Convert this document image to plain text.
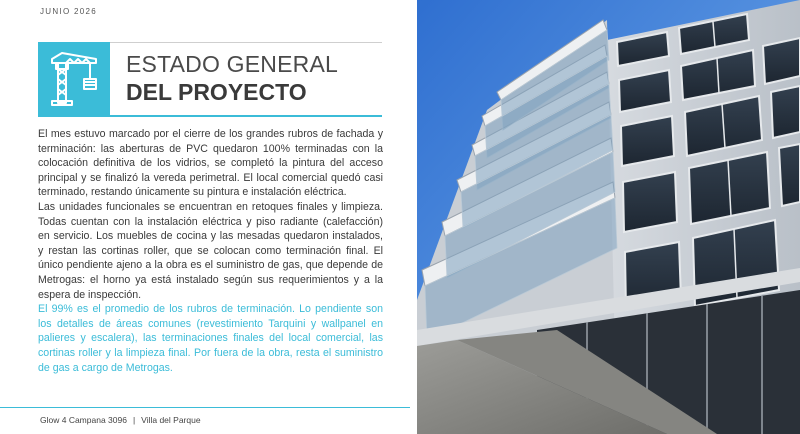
JUNIO 2026
ESTADO GENERAL
DEL PROYECTO

El mes estuvo marcado por el cierre de los grandes rubros de fachada y terminación: las aberturas de PVC quedaron 100% terminadas con la colocación definitiva de los vidrios, se completó la pintura del acceso principal y se finalizó la vereda perimetral. El local comercial quedó casi terminado, restando únicamente su pintura e instalación eléctrica.

Las unidades funcionales se encuentran en retoques finales y limpieza. Todas cuentan con la instalación eléctrica y piso radiante (calefacción) en servicio. Los muebles de cocina y las mesadas quedaron instalados, y restan las cortinas roller, que se colocan como terminación final. El único pendiente ajeno a la obra es el suministro de gas, que depende de Metrogas: el horno ya está instalado según sus requerimientos y a la espera de inspección.

El 99% es el promedio de los rubros de terminación. Lo pendiente son los detalles de áreas comunes (revestimiento Tarquini y wallpanel en palieres y escalera), las terminaciones finales del local comercial, las cortinas roller y la limpieza final. Por fuera de la obra, resta el suministro de gas a cargo de Metrogas.

Glow 4 Campana 3096 | Villa del Parque
